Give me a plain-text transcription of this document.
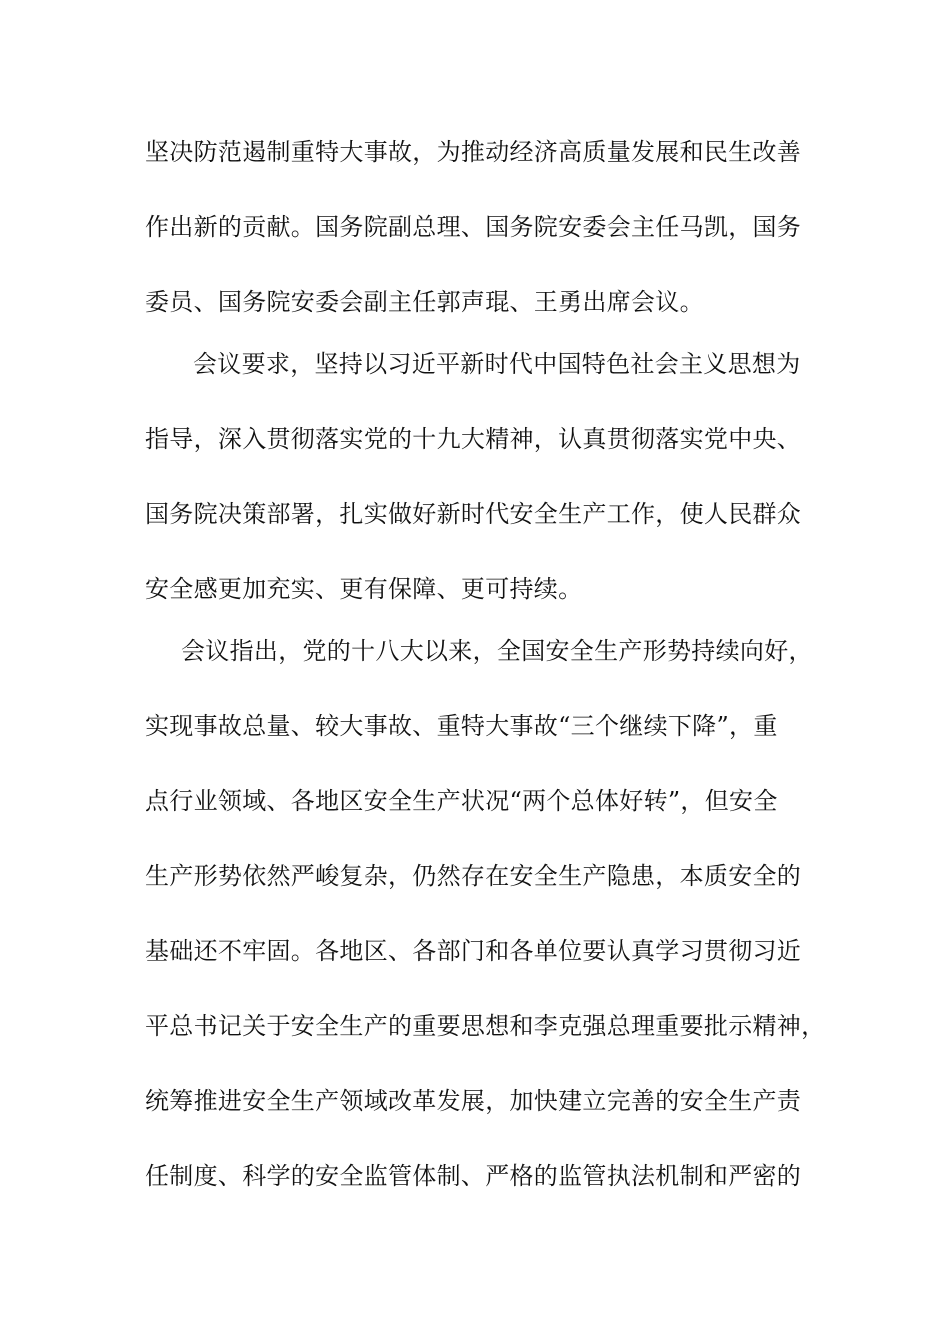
坚决防范遏制重特大事故，为推动经济高质量发展和民生改善
作出新的贡献。国务院副总理、国务院安委会主任马凯，国务
委员、国务院安委会副主任郭声琨、王勇出席会议。
会议要求，坚持以习近平新时代中国特色社会主义思想为
指导，深入贯彻落实党的十九大精神，认真贯彻落实党中央、
国务院决策部署，扎实做好新时代安全生产工作，使人民群众
安全感更加充实、更有保障、更可持续。
会议指出，党的十八大以来，全国安全生产形势持续向好，
实现事故总量、较大事故、重特大事故“三个继续下降”，重
点行业领域、各地区安全生产状况“两个总体好转”，但安全
生产形势依然严峻复杂，仍然存在安全生产隐患，本质安全的
基础还不牢固。各地区、各部门和各单位要认真学习贯彻习近
平总书记关于安全生产的重要思想和李克强总理重要批示精神，
统筹推进安全生产领域改革发展，加快建立完善的安全生产责
任制度、科学的安全监管体制、严格的监管执法机制和严密的
